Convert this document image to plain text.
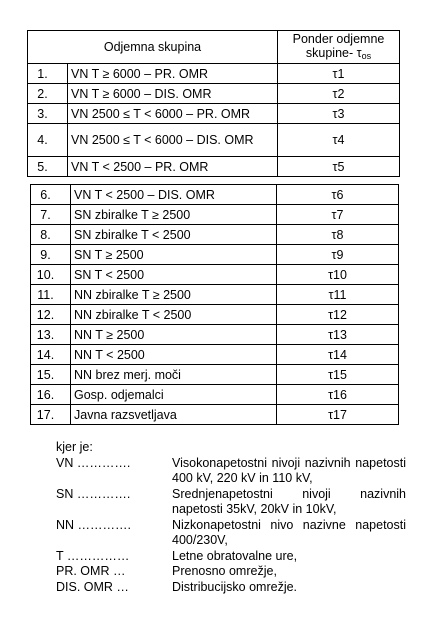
Odjemna skupina		Ponder odjemne
skupine- $\tau_{os}$
1.	VN T ≥ 6000 – PR. OMR	τ1
2.	VN T ≥ 6000 – DIS. OMR	τ2
3.	VN 2500 ≤ T < 6000 – PR. OMR	τ3
4.	VN 2500 ≤ T < 6000 – DIS. OMR	τ4
5.	VN T < 2500 – PR. OMR	τ5
6.	VN T < 2500 – DIS. OMR	τ6
7.	SN zbiralke T ≥ 2500	τ7
8.	SN zbiralke T < 2500	τ8
9.	SN T ≥ 2500	τ9
10.	SN T < 2500	τ10
11.	NN zbiralke T ≥ 2500	τ11
12.	NN zbiralke T < 2500	τ12
13.	NN T ≥ 2500	τ13
14.	NN T < 2500	τ14
15.	NN brez merj. moči	τ15
16.	Gosp. odjemalci	τ16
17.	Javna razsvetljava	τ17
kjer je:
VN ………….	Visokonapetostni nivoji nazivnih napetosti 400 kV, 220 kV in 110 kV,
SN ………….	Srednjenapetostni nivoji nazivnih napetosti 35kV, 20kV in 10kV,
NN ………….	Nizkonapetostni nivo nazivne napetosti 400/230V,
T ……………	Letne obratovalne ure,
PR. OMR …	Prenosno omrežje,
DIS. OMR …	Distribucijsko omrežje.
